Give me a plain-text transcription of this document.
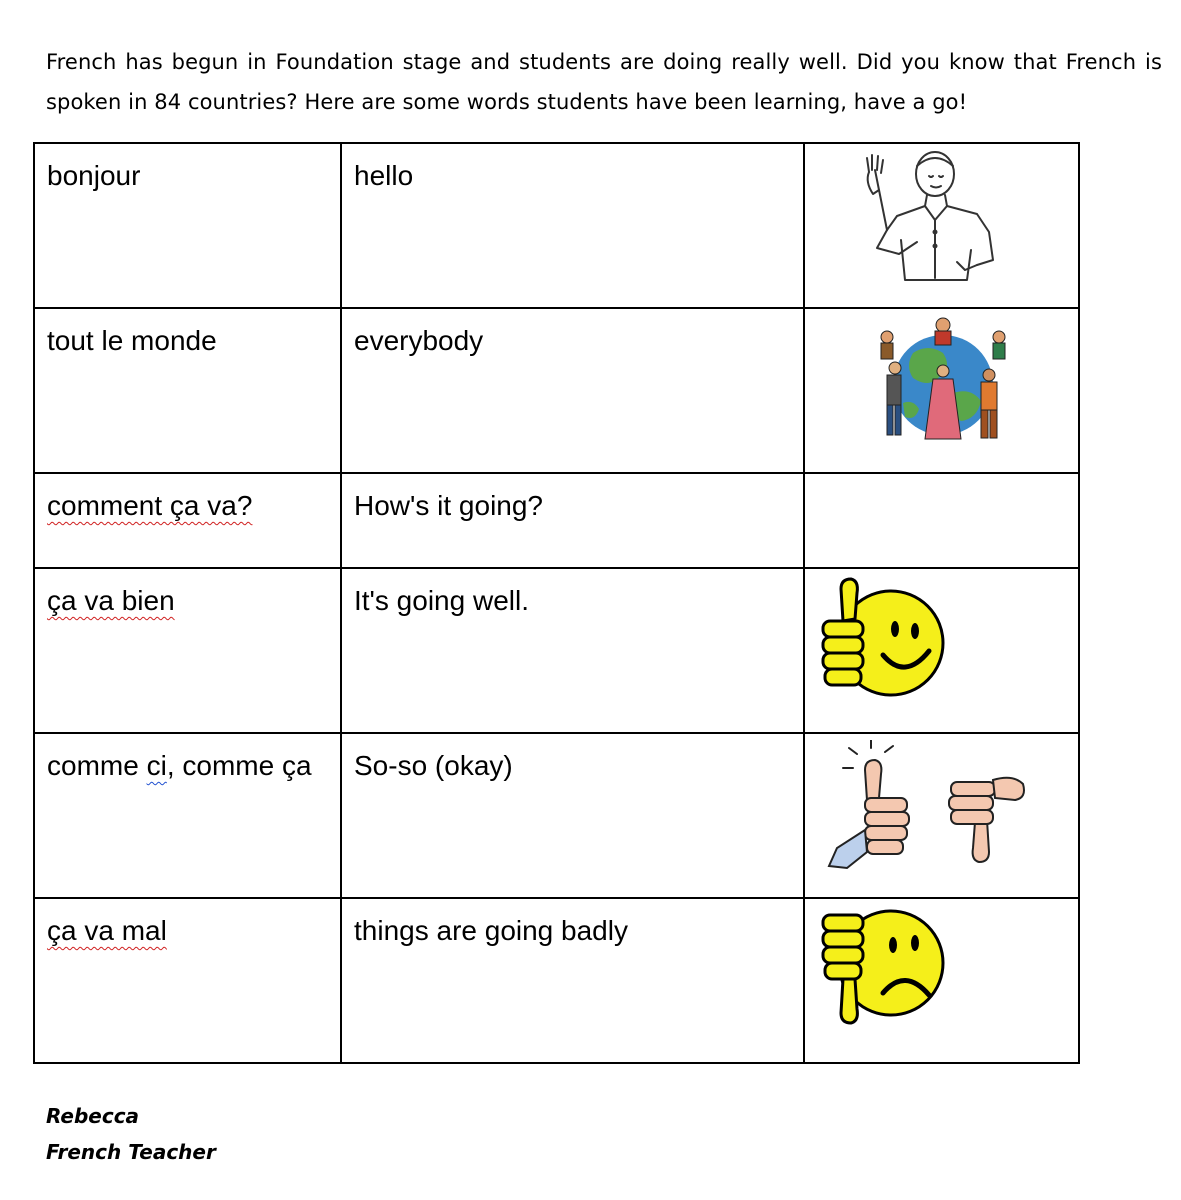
French has begun in Foundation stage and students are doing really well. Did you know that French is spoken in 84 countries? Here are some words students have been learning, have a go!
bonjour	hello	

tout le monde	everybody	

comment ça va?	How's it going?	
ça va bien	It's going well.	

comme ci, comme ça	So-so (okay)	

ça va mal	things are going badly	
Rebecca
French Teacher
